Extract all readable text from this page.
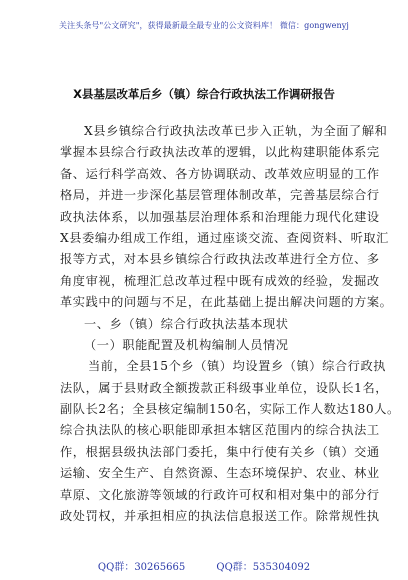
关注头条号"公文研究"，获得最新最全最专业的公文资料库！ 微信：gongwenyj
X县基层改革后乡（镇）综合行政执法工作调研报告
X县乡镇综合行政执法改革已步入正轨，为全面了解和
掌握本县综合行政执法改革的逻辑，以此构建职能体系完
备、运行科学高效、各方协调联动、改革效应明显的工作
格局，并进一步深化基层管理体制改革，完善基层综合行
政执法体系，以加强基层治理体系和治理能力现代化建设
X县委编办组成工作组，通过座谈交流、查阅资料、听取汇
报等方式，对本县乡镇综合行政执法改革进行全方位、多
角度审视，梳理汇总改革过程中既有成效的经验，发掘改
革实践中的问题与不足，在此基础上提出解决问题的方案。
一、乡（镇）综合行政执法基本现状
（一）职能配置及机构编制人员情况
当前，全县15个乡（镇）均设置乡（镇）综合行政执
法队，属于县财政全额拨款正科级事业单位，设队长1名，
副队长2名；全县核定编制150名，实际工作人数达180人。
综合执法队的核心职能即承担本辖区范围内的综合执法工
作，根据县级执法部门委托，集中行使有关乡（镇）交通
运输、安全生产、自然资源、生态环境保护、农业、林业
草原、文化旅游等领域的行政许可权和相对集中的部分行
政处罚权，并承担相应的执法信息报送工作。除常规性执
QQ群：30265665	QQ群：535304092
